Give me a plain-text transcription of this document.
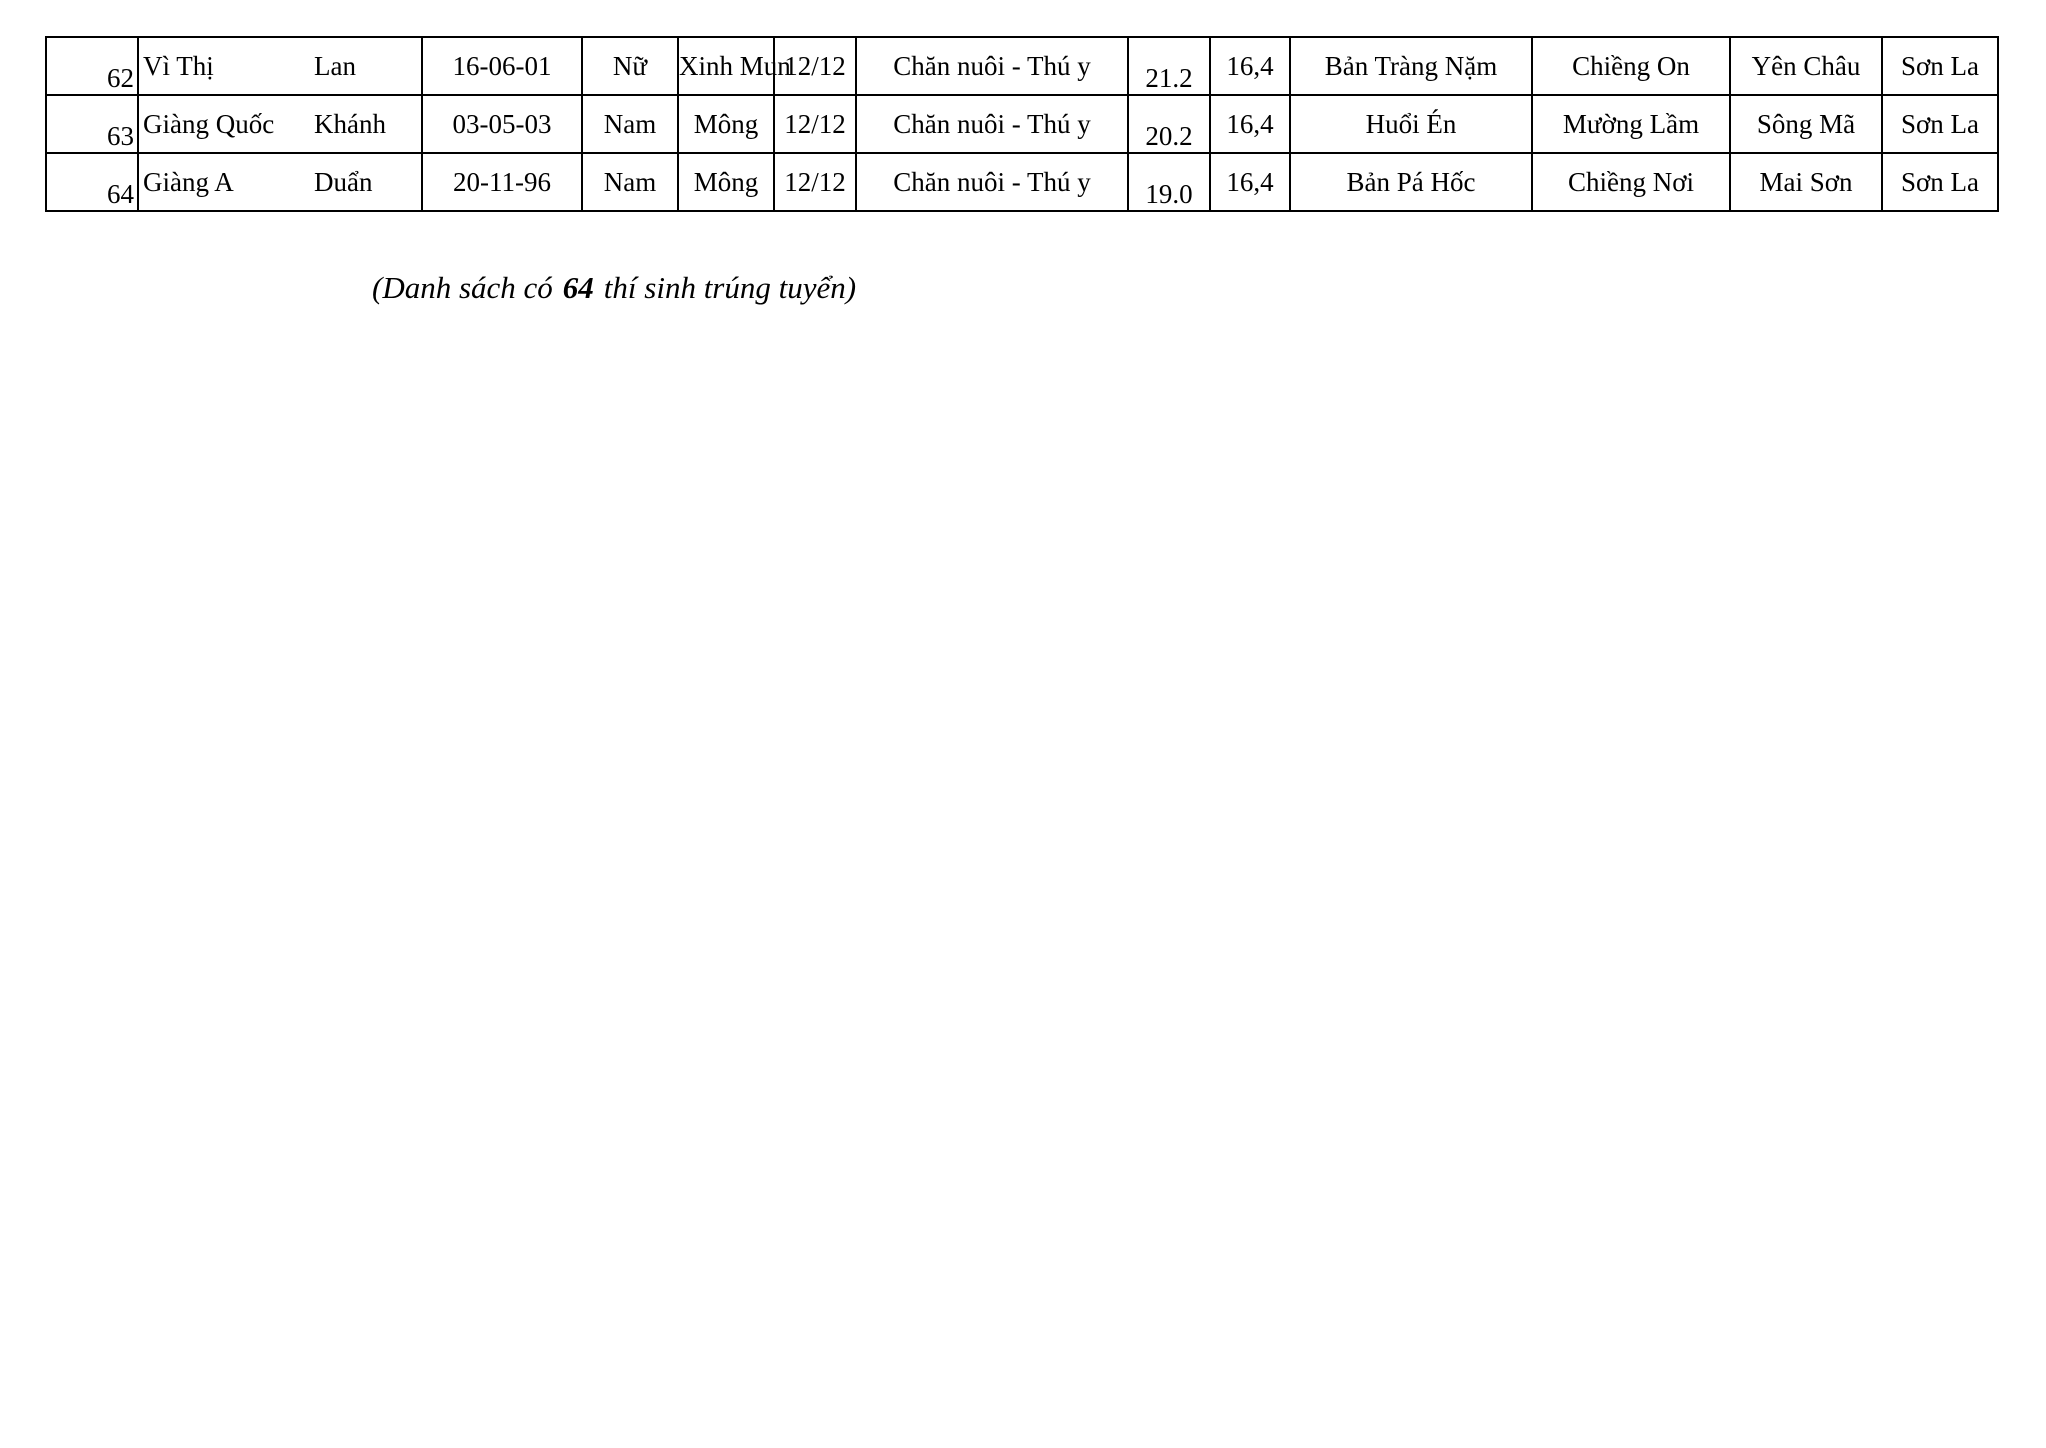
62	Vì Thị	Lan	16-06-01	Nữ	Xinh Mun	12/12	Chăn nuôi - Thú y	21.2	16,4	Bản Tràng Nặm	Chiềng On	Yên Châu	Sơn La
63	Giàng Quốc	Khánh	03-05-03	Nam	Mông	12/12	Chăn nuôi - Thú y	20.2	16,4	Huổi Én	Mường Lầm	Sông Mã	Sơn La
64	Giàng A	Duẩn	20-11-96	Nam	Mông	12/12	Chăn nuôi - Thú y	19.0	16,4	Bản Pá Hốc	Chiềng Nơi	Mai Sơn	Sơn La
(Danh sách có 64 thí sinh trúng tuyển)
